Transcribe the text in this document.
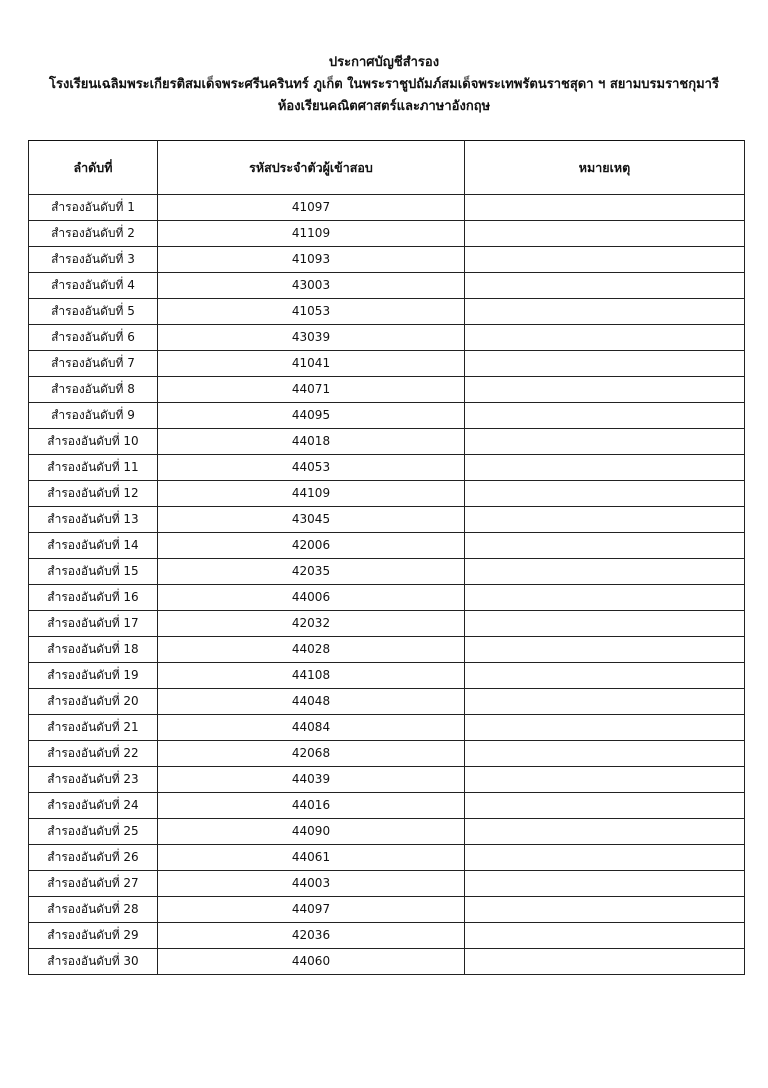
ประกาศบัญชีสำรอง
โรงเรียนเฉลิมพระเกียรติสมเด็จพระศรีนครินทร์ ภูเก็ต ในพระราชูปถัมภ์สมเด็จพระเทพรัตนราชสุดา ฯ สยามบรมราชกุมารี
ห้องเรียนคณิตศาสตร์และภาษาอังกฤษ
ลำดับที่	รหัสประจำตัวผู้เข้าสอบ	หมายเหตุ
สำรองอันดับที่ 1	41097	
สำรองอันดับที่ 2	41109	
สำรองอันดับที่ 3	41093	
สำรองอันดับที่ 4	43003	
สำรองอันดับที่ 5	41053	
สำรองอันดับที่ 6	43039	
สำรองอันดับที่ 7	41041	
สำรองอันดับที่ 8	44071	
สำรองอันดับที่ 9	44095	
สำรองอันดับที่ 10	44018	
สำรองอันดับที่ 11	44053	
สำรองอันดับที่ 12	44109	
สำรองอันดับที่ 13	43045	
สำรองอันดับที่ 14	42006	
สำรองอันดับที่ 15	42035	
สำรองอันดับที่ 16	44006	
สำรองอันดับที่ 17	42032	
สำรองอันดับที่ 18	44028	
สำรองอันดับที่ 19	44108	
สำรองอันดับที่ 20	44048	
สำรองอันดับที่ 21	44084	
สำรองอันดับที่ 22	42068	
สำรองอันดับที่ 23	44039	
สำรองอันดับที่ 24	44016	
สำรองอันดับที่ 25	44090	
สำรองอันดับที่ 26	44061	
สำรองอันดับที่ 27	44003	
สำรองอันดับที่ 28	44097	
สำรองอันดับที่ 29	42036	
สำรองอันดับที่ 30	44060	
